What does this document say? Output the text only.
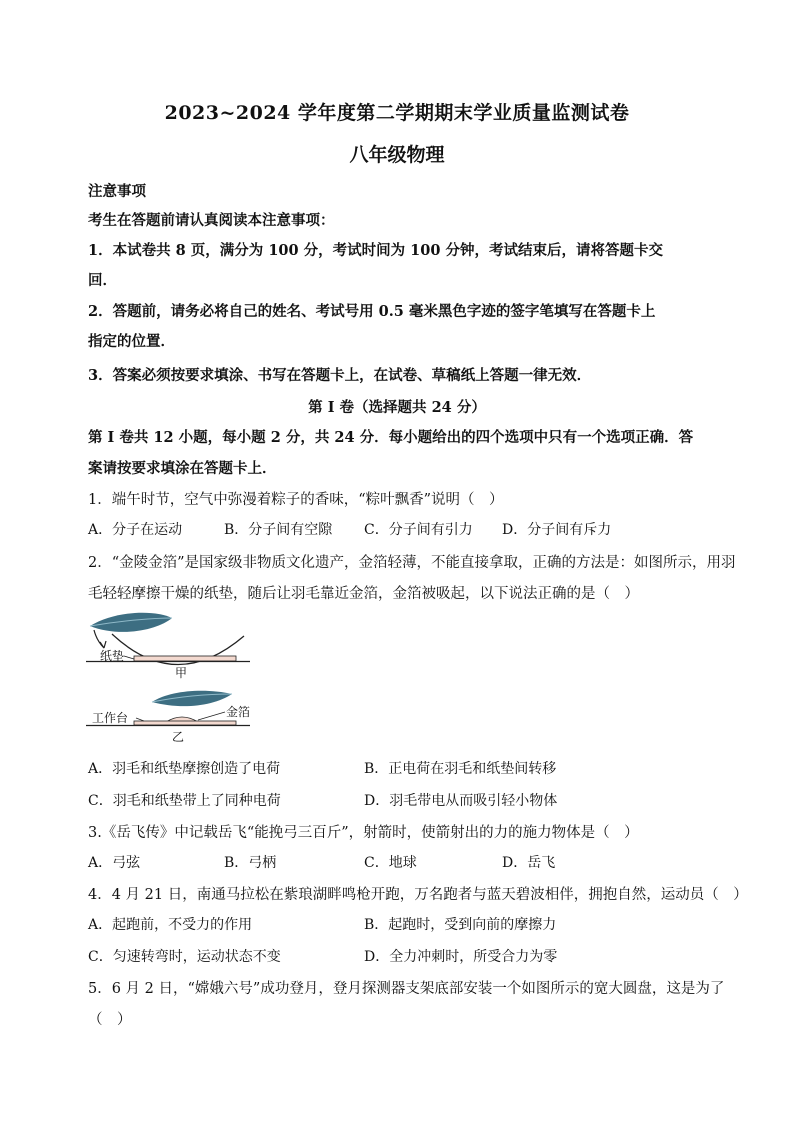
2023~2024 学年度第二学期期末学业质量监测试卷
八年级物理
注意事项
考生在答题前请认真阅读本注意事项：
1．本试卷共 8 页，满分为 100 分，考试时间为 100 分钟，考试结束后，请将答题卡交
回．
2．答题前，请务必将自己的姓名、考试号用 0.5 毫米黑色字迹的签字笔填写在答题卡上
指定的位置．
3．答案必须按要求填涂、书写在答题卡上，在试卷、草稿纸上答题一律无效．
第 I 卷（选择题共 24 分）
第 I 卷共 12 小题，每小题 2 分，共 24 分．每小题给出的四个选项中只有一个选项正确．答
案请按要求填涂在答题卡上．
1．端午时节，空气中弥漫着粽子的香味，“粽叶飘香”说明（　）
A．分子在运动	B．分子间有空隙 C．分子间有引力 D．分子间有斥力
2．“金陵金箔”是国家级非物质文化遗产，金箔轻薄，不能直接拿取，正确的方法是：如图所示，用羽
毛轻轻摩擦干燥的纸垫，随后让羽毛靠近金箔，金箔被吸起，以下说法正确的是（　）
纸垫
甲
工作台	金箔
乙
A．羽毛和纸垫摩擦创造了电荷	B．正电荷在羽毛和纸垫间转移
C．羽毛和纸垫带上了同种电荷	D．羽毛带电从而吸引轻小物体
3.《岳飞传》中记载岳飞“能挽弓三百斤”，射箭时，使箭射出的力的施力物体是（　）
A．弓弦	B．弓柄	C．地球	D．岳飞
4．4 月 21 日，南通马拉松在紫琅湖畔鸣枪开跑，万名跑者与蓝天碧波相伴，拥抱自然，运动员（　）
A．起跑前，不受力的作用	B．起跑时，受到向前的摩擦力
C．匀速转弯时，运动状态不变	D．全力冲刺时，所受合力为零
5．6 月 2 日，“嫦娥六号”成功登月，登月探测器支架底部安装一个如图所示的宽大圆盘，这是为了
（　）
